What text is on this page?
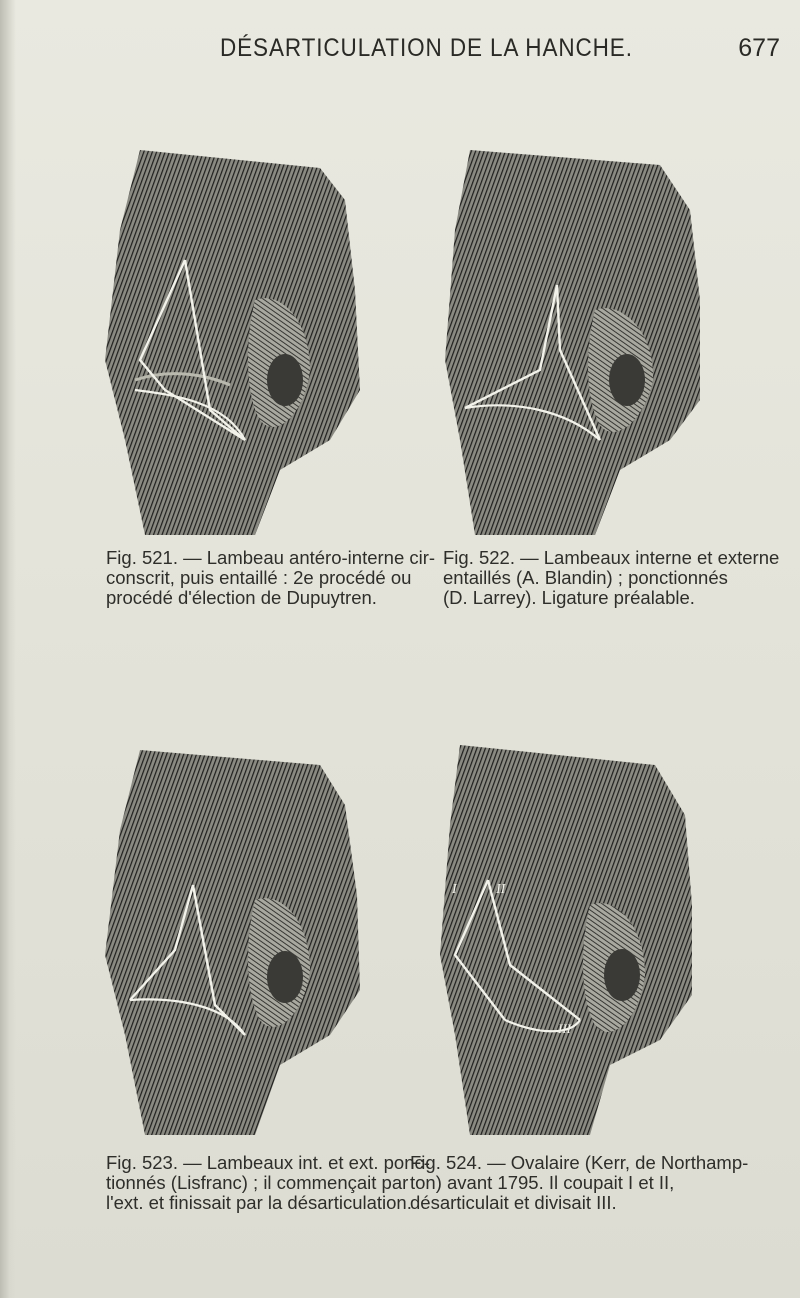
DÉSARTICULATION DE LA HANCHE.	677
Fig. 521. — Lambeau antéro-interne cir-
conscrit, puis entaillé : 2e procédé ou
procédé d'élection de Dupuytren.
Fig. 522. — Lambeaux interne et externe
entaillés (A. Blandin) ; ponctionnés
(D. Larrey). Ligature préalable.
Fig. 523. — Lambeaux int. et ext. ponc-
tionnés (Lisfranc) ; il commençait par
l'ext. et finissait par la désarticulation.
I	II
III
Fig. 524. — Ovalaire (Kerr, de Northamp-
ton) avant 1795. Il coupait I et II,
désarticulait et divisait III.
